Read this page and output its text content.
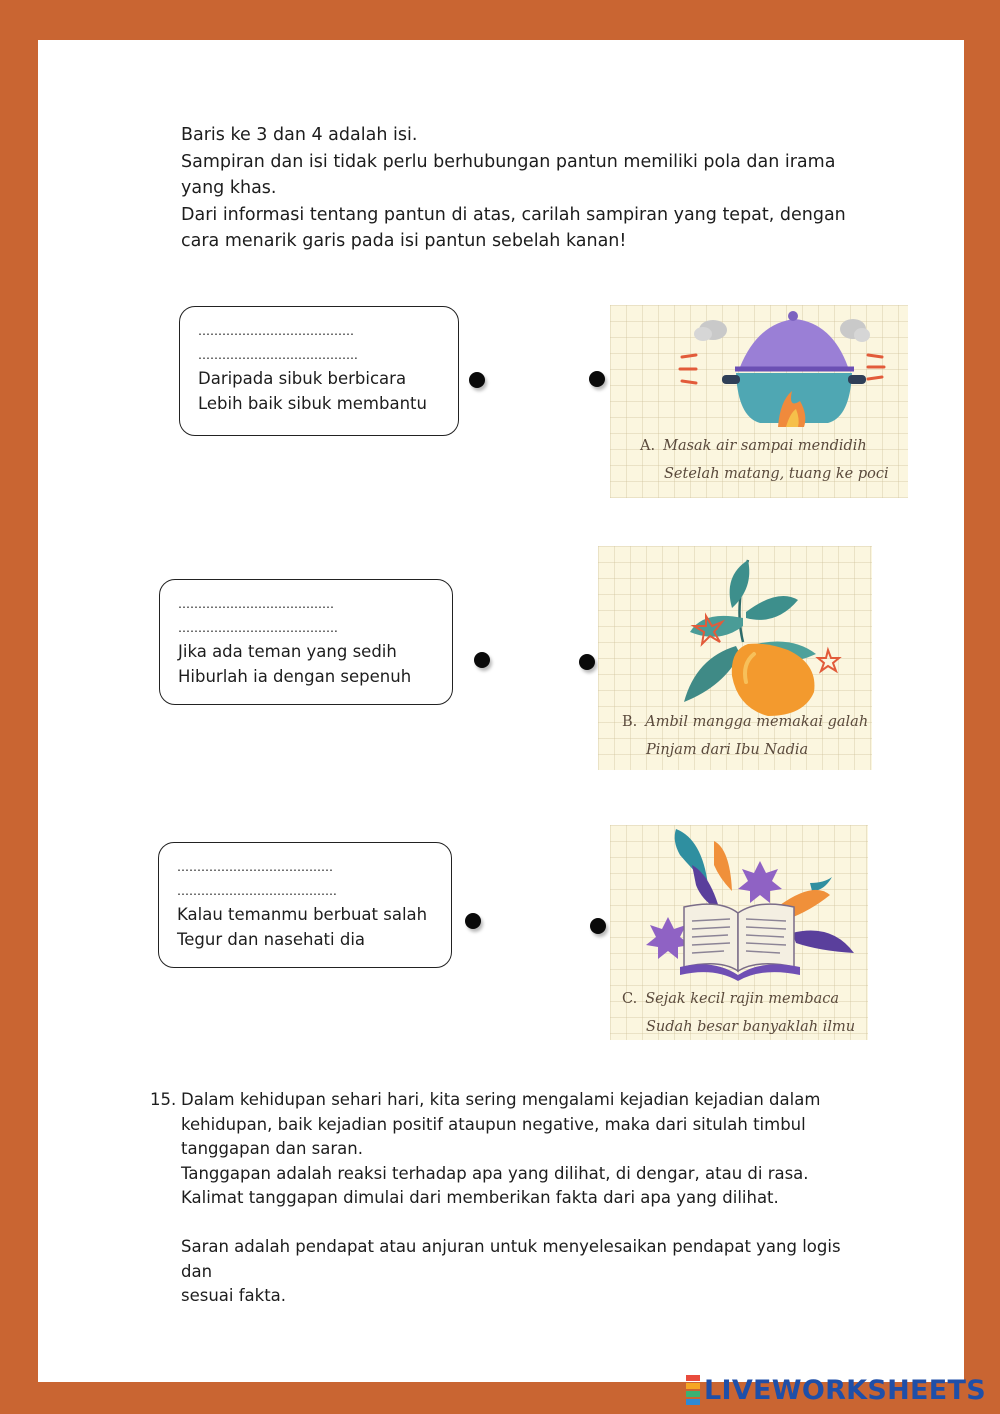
Baris ke 3 dan 4 adalah isi.

Sampiran dan isi tidak perlu berhubungan pantun memiliki pola dan irama yang khas.

Dari informasi tentang pantun di atas, carilah sampiran yang tepat, dengan cara menarik garis pada isi pantun sebelah kanan!

…………………………………
………………………………….
Daripada sibuk berbicara
Lebih baik sibuk membantu
…………………………………
………………………………….
Jika ada teman yang sedih
Hiburlah ia dengan sepenuh
…………………………………
………………………………….
Kalau temanmu berbuat salah
Tegur dan nasehati dia
A. Masak air sampai mendidih
Setelah matang, tuang ke poci
B. Ambil mangga memakai galah
Pinjam dari Ibu Nadia
C. Sejak kecil rajin membaca
Sudah besar banyaklah ilmu
15. Dalam kehidupan sehari hari, kita sering mengalami kejadian kejadian dalam

kehidupan, baik kejadian positif ataupun negative, maka dari situlah timbul

tanggapan dan saran.

Tanggapan adalah reaksi terhadap apa yang dilihat, di dengar, atau di rasa.

Kalimat tanggapan dimulai dari memberikan fakta dari apa yang dilihat.

Saran adalah pendapat atau anjuran untuk menyelesaikan pendapat yang logis dan

sesuai fakta.

LIVEWORKSHEETS
